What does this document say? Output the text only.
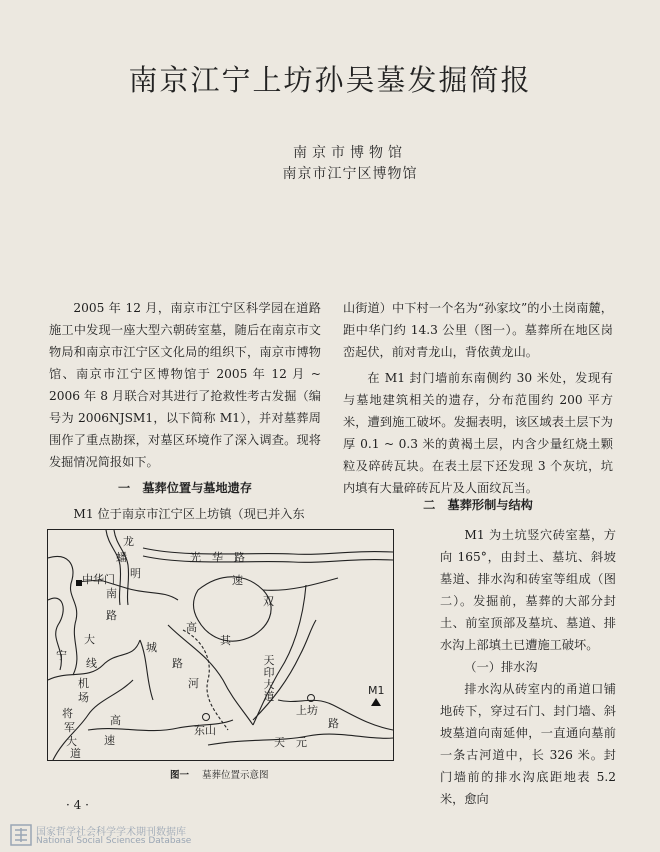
南京江宁上坊孙吴墓发掘简报
南京市博物馆
南京市江宁区博物馆

2005 年 12 月，南京市江宁区科学园在道路施工中发现一座大型六朝砖室墓，随后在南京市文物局和南京市江宁区文化局的组织下，南京市博物馆、南京市江宁区博物馆于 2005 年 12 月 ~ 2006 年 8 月联合对其进行了抢救性考古发掘（编号为 2006NJSM1，以下简称 M1），并对墓葬周围作了重点勘探，对墓区环境作了深入调查。现将发掘情况简报如下。

一　墓葬位置与墓地遗存

M1 位于南京市江宁区上坊镇（现已并入东

山街道）中下村一个名为“孙家坟”的小土岗南麓，距中华门约 14.3 公里（图一）。墓葬所在地区岗峦起伏，前对青龙山，背依黄龙山。

在 M1 封门墙前东南侧约 30 米处，发现有与墓地建筑相关的遗存，分布范围约 200 平方米，遭到施工破坏。发掘表明，该区域表土层下为厚 0.1 ~ 0.3 米的黄褐土层，内含少量红烧土颗粒及碎砖瓦块。在表土层下还发现 3 个灰坑，坑内填有大量碎砖瓦片及人面纹瓦当。

二　墓葬形制与结构

M1 为土坑竖穴砖室墓，方向 165°，由封土、墓坑、斜坡墓道、排水沟和砖室等组成（图二）。发掘前，墓葬的大部分封土、前室顶部及墓坑、墓道、排水沟上部填土已遭施工破坏。

（一）排水沟

排水沟从砖室内的甬道口铺地砖下，穿过石门、封门墙、斜坡墓道向南延伸，一直通向墓前一条古河道中，长 326 米。封门墙前的排水沟底距地表 5.2 米，愈向

龙
蟠
中华门 明
南
路
光　华　路
速
双
高
其
城
宁
大
线	路
河
机
场
将
军
大
道
高
速
东山
天印大道
上坊
路
天　元
M1
图一 墓葬位置示意图
· 4 ·
国家哲学社会科学学术期刊数据库
National Social Sciences Database
